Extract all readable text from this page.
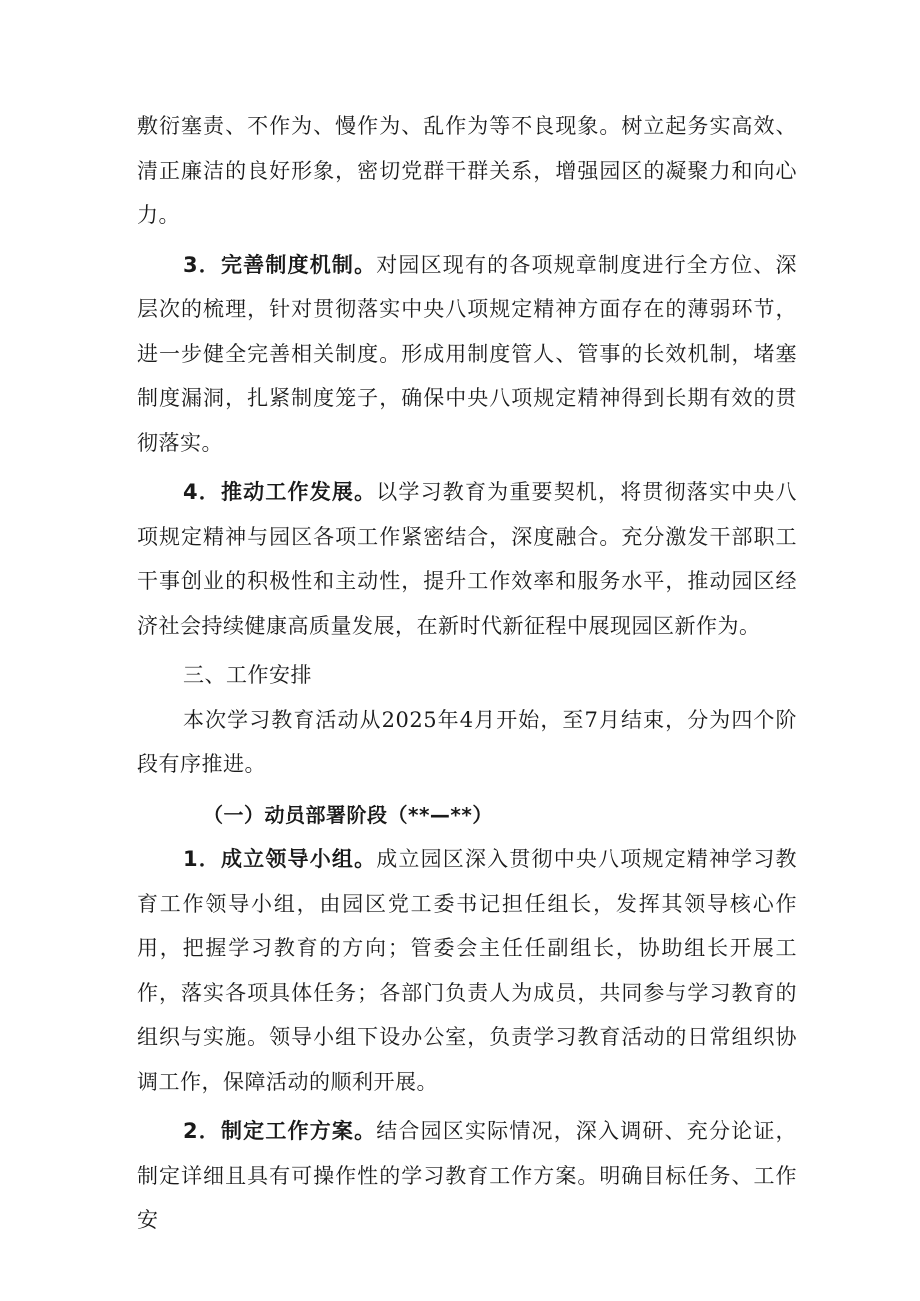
敷衍塞责、不作为、慢作为、乱作为等不良现象。树立起务实高效、清正廉洁的良好形象，密切党群干群关系，增强园区的凝聚力和向心力。

3．完善制度机制。对园区现有的各项规章制度进行全方位、深层次的梳理，针对贯彻落实中央八项规定精神方面存在的薄弱环节，进一步健全完善相关制度。形成用制度管人、管事的长效机制，堵塞制度漏洞，扎紧制度笼子，确保中央八项规定精神得到长期有效的贯彻落实。

4．推动工作发展。以学习教育为重要契机，将贯彻落实中央八项规定精神与园区各项工作紧密结合，深度融合。充分激发干部职工干事创业的积极性和主动性，提升工作效率和服务水平，推动园区经济社会持续健康高质量发展，在新时代新征程中展现园区新作为。

三、工作安排

本次学习教育活动从2025年4月开始，至7月结束，分为四个阶段有序推进。

（一）动员部署阶段（**—**）

1．成立领导小组。成立园区深入贯彻中央八项规定精神学习教育工作领导小组，由园区党工委书记担任组长，发挥其领导核心作用，把握学习教育的方向；管委会主任任副组长，协助组长开展工作，落实各项具体任务；各部门负责人为成员，共同参与学习教育的组织与实施。领导小组下设办公室，负责学习教育活动的日常组织协调工作，保障活动的顺利开展。

2．制定工作方案。结合园区实际情况，深入调研、充分论证，制定详细且具有可操作性的学习教育工作方案。明确目标任务、工作安
